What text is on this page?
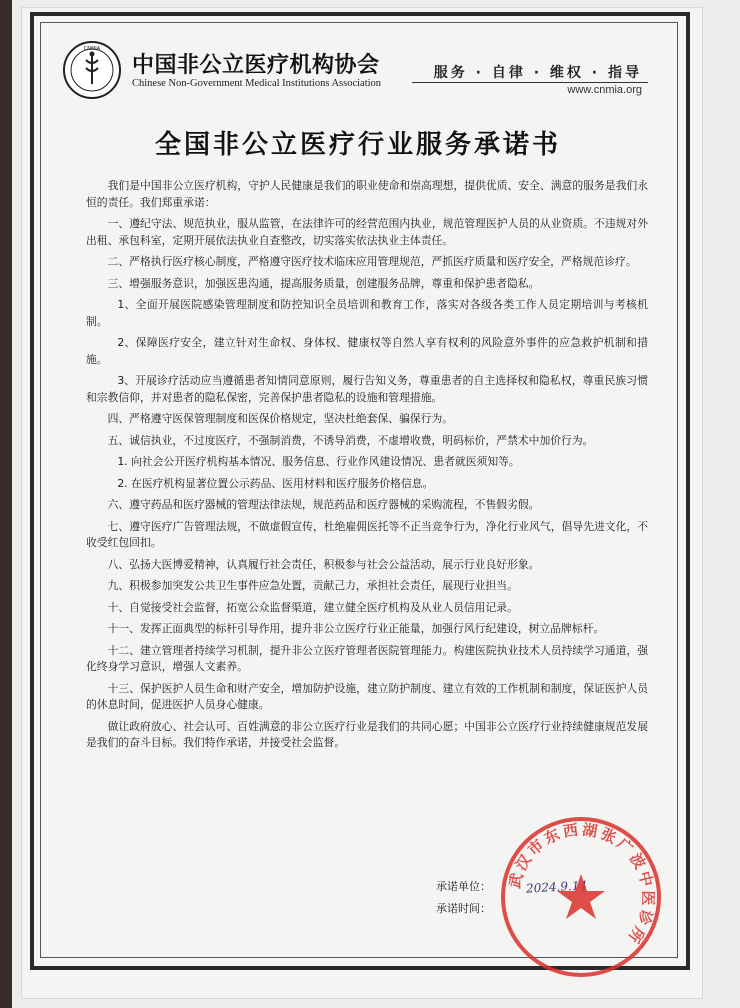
CNMIA
中国非公立医疗机构协会
Chinese Non-Government Medical Institutions Association
服务 · 自律 · 维权 · 指导
www.cnmia.org
全国非公立医疗行业服务承诺书

我们是中国非公立医疗机构，守护人民健康是我们的职业使命和崇高理想，提供优质、安全、满意的服务是我们永恒的责任。我们郑重承诺：

一、遵纪守法、规范执业，服从监管，在法律许可的经营范围内执业，规范管理医护人员的从业资质。不违规对外出租、承包科室，定期开展依法执业自查整改，切实落实依法执业主体责任。

二、严格执行医疗核心制度，严格遵守医疗技术临床应用管理规范，严抓医疗质量和医疗安全，严格规范诊疗。

三、增强服务意识，加强医患沟通，提高服务质量，创建服务品牌，尊重和保护患者隐私。

1、全面开展医院感染管理制度和防控知识全员培训和教育工作，落实对各级各类工作人员定期培训与考核机制。

2、保障医疗安全，建立针对生命权、身体权、健康权等自然人享有权利的风险意外事件的应急救护机制和措施。

3、开展诊疗活动应当遵循患者知情同意原则，履行告知义务，尊重患者的自主选择权和隐私权，尊重民族习惯和宗教信仰，并对患者的隐私保密，完善保护患者隐私的设施和管理措施。

四、严格遵守医保管理制度和医保价格规定，坚决杜绝套保、骗保行为。

五、诚信执业，不过度医疗，不强制消费，不诱导消费，不虚增收费，明码标价，严禁术中加价行为。

1. 向社会公开医疗机构基本情况、服务信息、行业作风建设情况、患者就医须知等。

2. 在医疗机构显著位置公示药品、医用材料和医疗服务价格信息。

六、遵守药品和医疗器械的管理法律法规，规范药品和医疗器械的采购流程，不售假劣假。

七、遵守医疗广告管理法规，不做虚假宣传，杜绝雇佣医托等不正当竞争行为，净化行业风气，倡导先进文化，不收受红包回扣。

八、弘扬大医博爱精神，认真履行社会责任，积极参与社会公益活动，展示行业良好形象。

九、积极参加突发公共卫生事件应急处置，贡献己力，承担社会责任，展现行业担当。

十、自觉接受社会监督，拓宽公众监督渠道，建立健全医疗机构及从业人员信用记录。

十一、发挥正面典型的标杆引导作用，提升非公立医疗行业正能量，加强行风行纪建设，树立品牌标杆。

十二、建立管理者持续学习机制，提升非公立医疗管理者医院管理能力。构建医院执业技术人员持续学习通道，强化终身学习意识，增强人文素养。

十三、保护医护人员生命和财产安全，增加防护设施，建立防护制度、建立有效的工作机制和制度，保证医护人员的休息时间，促进医护人员身心健康。

做让政府放心、社会认可、百姓满意的非公立医疗行业是我们的共同心愿；中国非公立医疗行业持续健康规范发展是我们的奋斗目标。我们特作承诺，并接受社会监督。

承诺单位：
承诺时间：
2024.9.14
武汉市东西湖张广波中医诊所
